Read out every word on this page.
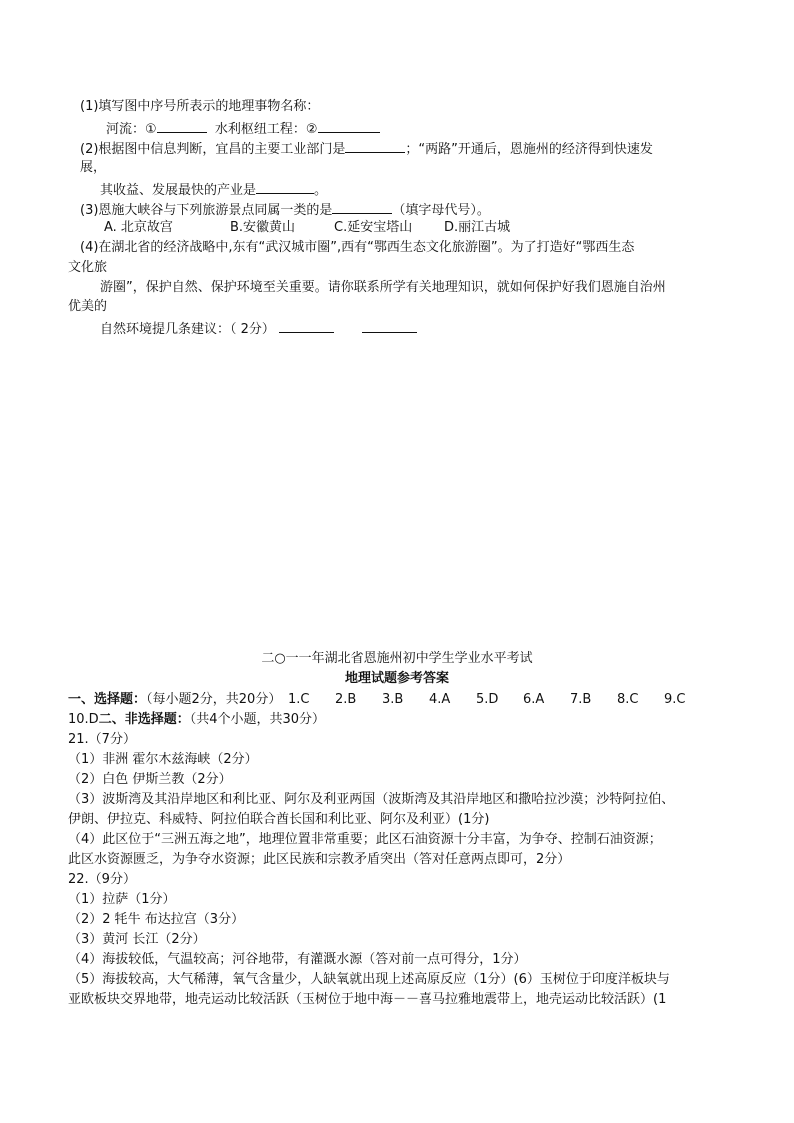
(1)填写图中序号所表示的地理事物名称：
河流：①	水利枢纽工程：②
(2)根据图中信息判断，宜昌的主要工业部门是	；“两路”开通后，恩施州的经济得到快速发
展，
其收益、发展最快的产业是	。
(3)恩施大峡谷与下列旅游景点同属一类的是	（填字母代号）。
A. 北京故宫	B.安徽黄山	C.延安宝塔山 D.丽江古城
(4)在湖北省的经济战略中,东有“武汉城市圈”,西有“鄂西生态文化旅游圈”。为了打造好“鄂西生态
文化旅
游圈”，保护自然、保护环境至关重要。请你联系所学有关地理知识，就如何保护好我们恩施自治州
优美的
自然环境提几条建议：（ 2分）
二○一一年湖北省恩施州初中学生学业水平考试
地理试题参考答案
一、选择题：（每小题2分，共20分） 1.C 2.B 3.B 4.A 5.D 6.A 7.B 8.C 9.C
10.D二、非选择题：（共4个小题，共30分）
21.（7分）
（1）非洲 霍尔木兹海峡（2分）
（2）白色 伊斯兰教（2分）
（3）波斯湾及其沿岸地区和利比亚、阿尔及利亚两国（波斯湾及其沿岸地区和撒哈拉沙漠；沙特阿拉伯、
伊朗、伊拉克、科威特、阿拉伯联合酋长国和利比亚、阿尔及利亚）(1分)
（4）此区位于“三洲五海之地”，地理位置非常重要；此区石油资源十分丰富，为争夺、控制石油资源；
此区水资源匮乏，为争夺水资源；此区民族和宗教矛盾突出（答对任意两点即可，2分）
22.（9分）
（1）拉萨（1分）
（2）2 牦牛 布达拉宫（3分）
（3）黄河 长江（2分）
（4）海拔较低，气温较高；河谷地带，有灌溉水源（答对前一点可得分，1分）
（5）海拔较高，大气稀薄，氧气含量少，人缺氧就出现上述高原反应（1分）(6）玉树位于印度洋板块与
亚欧板块交界地带，地壳运动比较活跃（玉树位于地中海－－喜马拉雅地震带上，地壳运动比较活跃）(1
